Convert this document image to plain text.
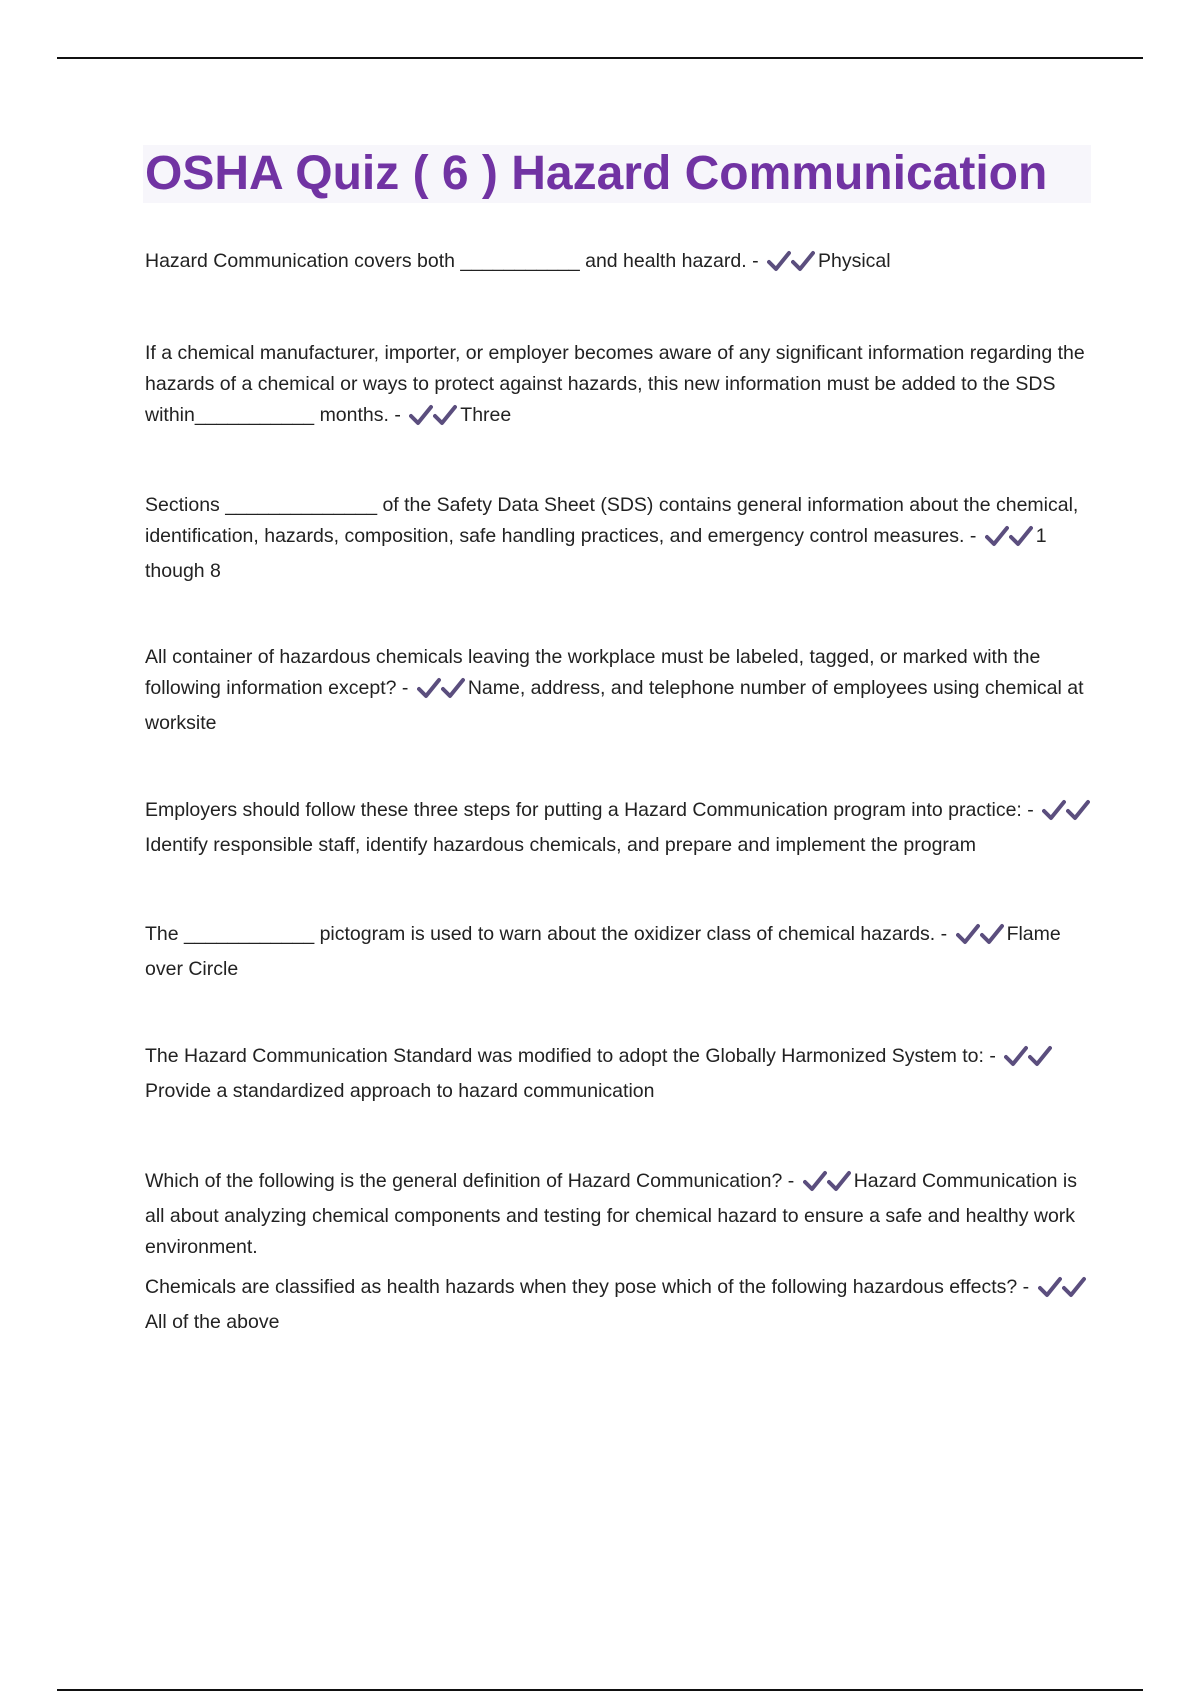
OSHA Quiz ( 6 ) Hazard Communication

Hazard Communication covers both ___________ and health hazard. -	Physical

If a chemical manufacturer, importer, or employer becomes aware of any significant information regarding the hazards of a chemical or ways to protect against hazards, this new information must be added to the SDS within___________ months. -	Three

Sections ______________ of the Safety Data Sheet (SDS) contains general information about the chemical, identification, hazards, composition, safe handling practices, and emergency control measures. -	1 though 8

All container of hazardous chemicals leaving the workplace must be labeled, tagged, or marked with the following information except? -	Name, address, and telephone number of employees using chemical at worksite

Employers should follow these three steps for putting a Hazard Communication program into practice: -
Identify responsible staff, identify hazardous chemicals, and prepare and implement the program

The ____________ pictogram is used to warn about the oxidizer class of chemical hazards. -	Flame over Circle

The Hazard Communication Standard was modified to adopt the Globally Harmonized System to: -
Provide a standardized approach to hazard communication

Which of the following is the general definition of Hazard Communication? -	Hazard Communication is all about analyzing chemical components and testing for chemical hazard to ensure a safe and healthy work environment.

Chemicals are classified as health hazards when they pose which of the following hazardous effects? -
All of the above
